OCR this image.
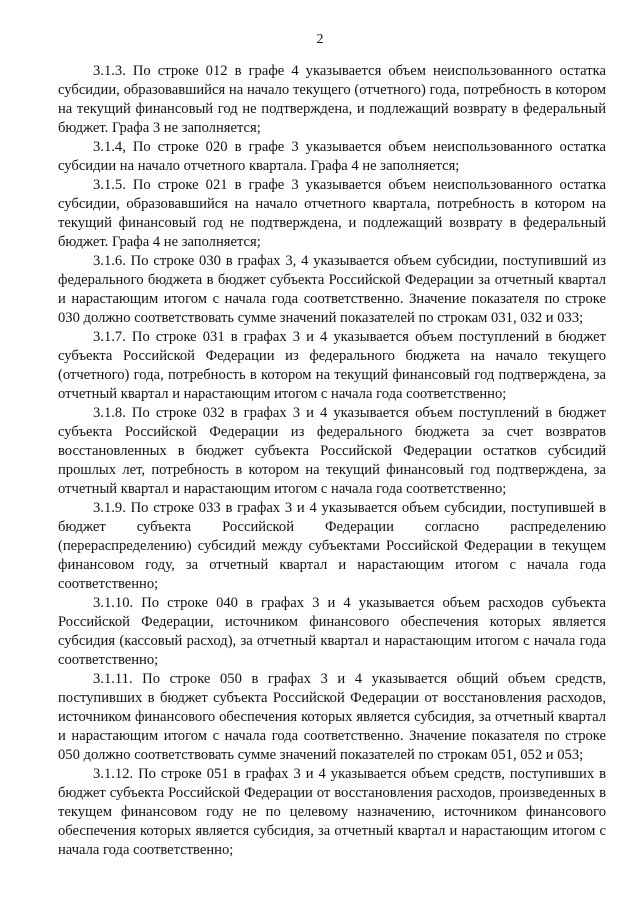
2

3.1.3. По строке 012 в графе 4 указывается объем неиспользованного остатка субсидии, образовавшийся на начало текущего (отчетного) года, потребность в котором на текущий финансовый год не подтверждена, и подлежащий возврату в федеральный бюджет. Графа 3 не заполняется;

3.1.4, По строке 020 в графе 3 указывается объем неиспользованного остатка субсидии на начало отчетного квартала. Графа 4 не заполняется;

3.1.5. По строке 021 в графе 3 указывается объем неиспользованного остатка субсидии, образовавшийся на начало отчетного квартала, потребность в котором на текущий финансовый год не подтверждена, и подлежащий возврату в федеральный бюджет. Графа 4 не заполняется;

3.1.6. По строке 030 в графах 3, 4 указывается объем субсидии, поступивший из федерального бюджета в бюджет субъекта Российской Федерации за отчетный квартал и нарастающим итогом с начала года соответственно. Значение показателя по строке 030 должно соответствовать сумме значений показателей по строкам 031, 032 и 033;

3.1.7. По строке 031 в графах 3 и 4 указывается объем поступлений в бюджет субъекта Российской Федерации из федерального бюджета на начало текущего (отчетного) года, потребность в котором на текущий финансовый год подтверждена, за отчетный квартал и нарастающим итогом с начала года соответственно;

3.1.8. По строке 032 в графах 3 и 4 указывается объем поступлений в бюджет субъекта Российской Федерации из федерального бюджета за счет возвратов восстановленных в бюджет субъекта Российской Федерации остатков субсидий прошлых лет, потребность в котором на текущий финансовый год подтверждена, за отчетный квартал и нарастающим итогом с начала года соответственно;

3.1.9. По строке 033 в графах 3 и 4 указывается объем субсидии, поступившей в бюджет субъекта Российской Федерации согласно распределению (перераспределению) субсидий между субъектами Российской Федерации в текущем финансовом году, за отчетный квартал и нарастающим итогом с начала года соответственно;

3.1.10. По строке 040 в графах 3 и 4 указывается объем расходов субъекта Российской Федерации, источником финансового обеспечения которых является субсидия (кассовый расход), за отчетный квартал и нарастающим итогом с начала года соответственно;

3.1.11. По строке 050 в графах 3 и 4 указывается общий объем средств, поступивших в бюджет субъекта Российской Федерации от восстановления расходов, источником финансового обеспечения которых является субсидия, за отчетный квартал и нарастающим итогом с начала года соответственно. Значение показателя по строке 050 должно соответствовать сумме значений показателей по строкам 051, 052 и 053;

3.1.12. По строке 051 в графах 3 и 4 указывается объем средств, поступивших в бюджет субъекта Российской Федерации от восстановления расходов, произведенных в текущем финансовом году не по целевому назначению, источником финансового обеспечения которых является субсидия, за отчетный квартал и нарастающим итогом с начала года соответственно;
